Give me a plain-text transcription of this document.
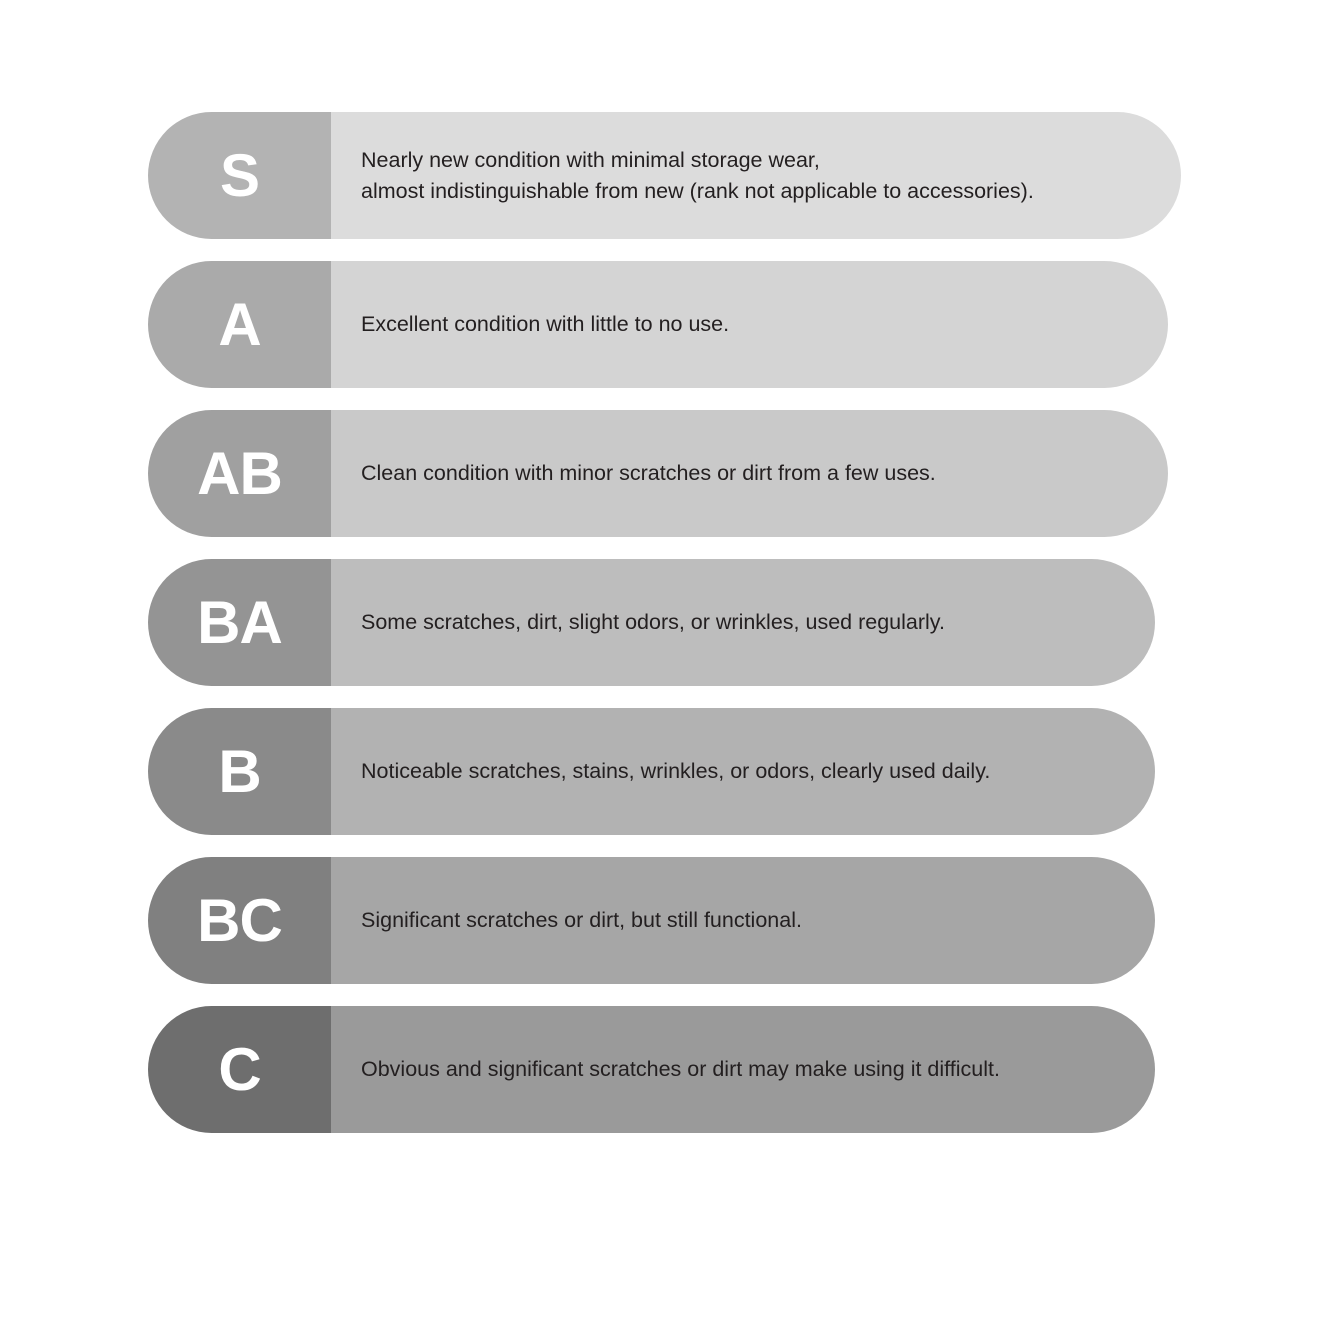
S	Nearly new condition with minimal storage wear,
almost indistinguishable from new (rank not applicable to accessories).
A	Excellent condition with little to no use.
AB	Clean condition with minor scratches or dirt from a few uses.
BA	Some scratches, dirt, slight odors, or wrinkles, used regularly.
B	Noticeable scratches, stains, wrinkles, or odors, clearly used daily.
BC	Significant scratches or dirt, but still functional.
C	Obvious and significant scratches or dirt may make using it difficult.
